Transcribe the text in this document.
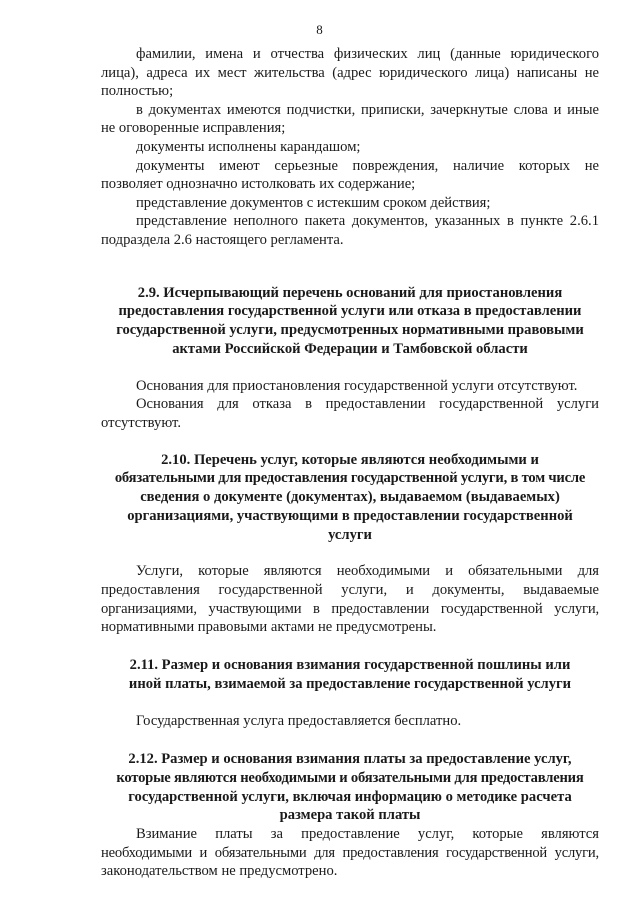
8

фамилии, имена и отчества физических лиц (данные юридического
лица), адреса их мест жительства (адрес юридического лица) написаны не
полностью;

в документах имеются подчистки, приписки, зачеркнутые слова и иные
не оговоренные исправления;

документы исполнены карандашом;

документы имеют серьезные повреждения, наличие которых не
позволяет однозначно истолковать их содержание;

представление документов с истекшим сроком действия;

представление неполного пакета документов, указанных в пункте 2.6.1
подраздела 2.6 настоящего регламента.

2.9. Исчерпывающий перечень оснований для приостановления
предоставления государственной услуги или отказа в предоставлении
государственной услуги, предусмотренных нормативными правовыми
актами Российской Федерации и Тамбовской области

Основания для приостановления государственной услуги отсутствуют.

Основания для отказа в предоставлении государственной услуги
отсутствуют.

2.10. Перечень услуг, которые являются необходимыми и
обязательными для предоставления государственной услуги, в том числе
сведения о документе (документах), выдаваемом (выдаваемых)
организациями, участвующими в предоставлении государственной
услуги

Услуги, которые являются необходимыми и обязательными для
предоставления государственной услуги, и документы, выдаваемые
организациями, участвующими в предоставлении государственной услуги,
нормативными правовыми актами не предусмотрены.

2.11. Размер и основания взимания государственной пошлины или
иной платы, взимаемой за предоставление государственной услуги

Государственная услуга предоставляется бесплатно.

2.12. Размер и основания взимания платы за предоставление услуг,
которые являются необходимыми и обязательными для предоставления
государственной услуги, включая информацию о методике расчета
размера такой платы

Взимание платы за предоставление услуг, которые являются
необходимыми и обязательными для предоставления государственной услуги,
законодательством не предусмотрено.
